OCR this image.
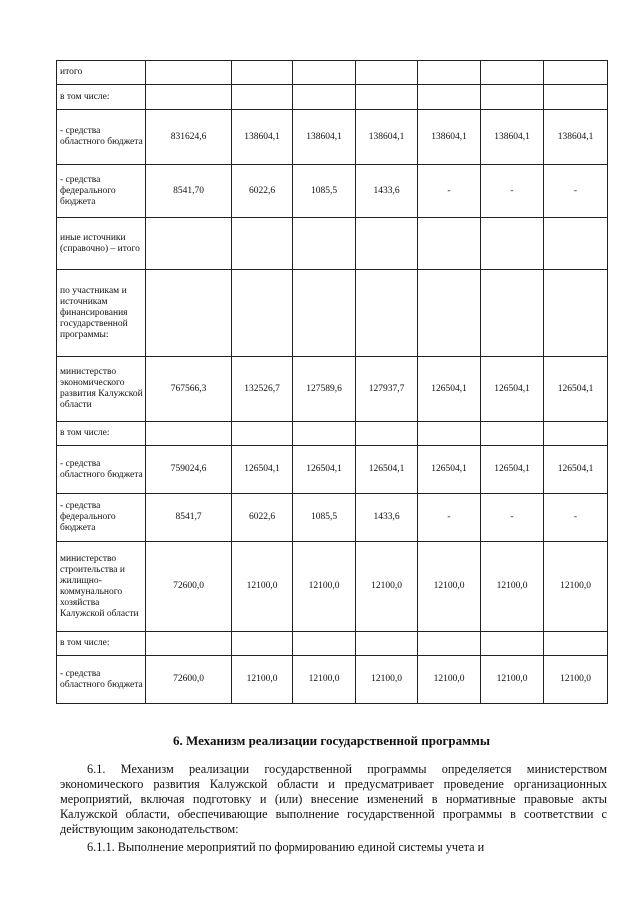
итого							
в том числе:							
- средства областного бюджета	831624,6	138604,1	138604,1	138604,1	138604,1	138604,1	138604,1
- средства федерального бюджета	8541,70	6022,6	1085,5	1433,6	-	-	-
иные источники (справочно) – итого							
по участникам и источникам финансирования государственной программы:							
министерство экономического развития Калужской области	767566,3	132526,7	127589,6	127937,7	126504,1	126504,1	126504,1
в том числе:							
- средства областного бюджета	759024,6	126504,1	126504,1	126504,1	126504,1	126504,1	126504,1
- средства федерального бюджета	8541,7	6022,6	1085,5	1433,6	-	-	-
министерство строительства и жилищно-коммунального хозяйства Калужской области	72600,0	12100,0	12100,0	12100,0	12100,0	12100,0	12100,0
в том числе:							
- средства областного бюджета	72600,0	12100,0	12100,0	12100,0	12100,0	12100,0	12100,0
6. Механизм реализации государственной программы
6.1. Механизм реализации государственной программы определяется министерством экономического развития Калужской области и предусматривает проведение организационных мероприятий, включая подготовку и (или) внесение изменений в нормативные правовые акты Калужской области, обеспечивающие выполнение государственной программы в соответствии с действующим законодательством:
6.1.1. Выполнение мероприятий по формированию единой системы учета и
